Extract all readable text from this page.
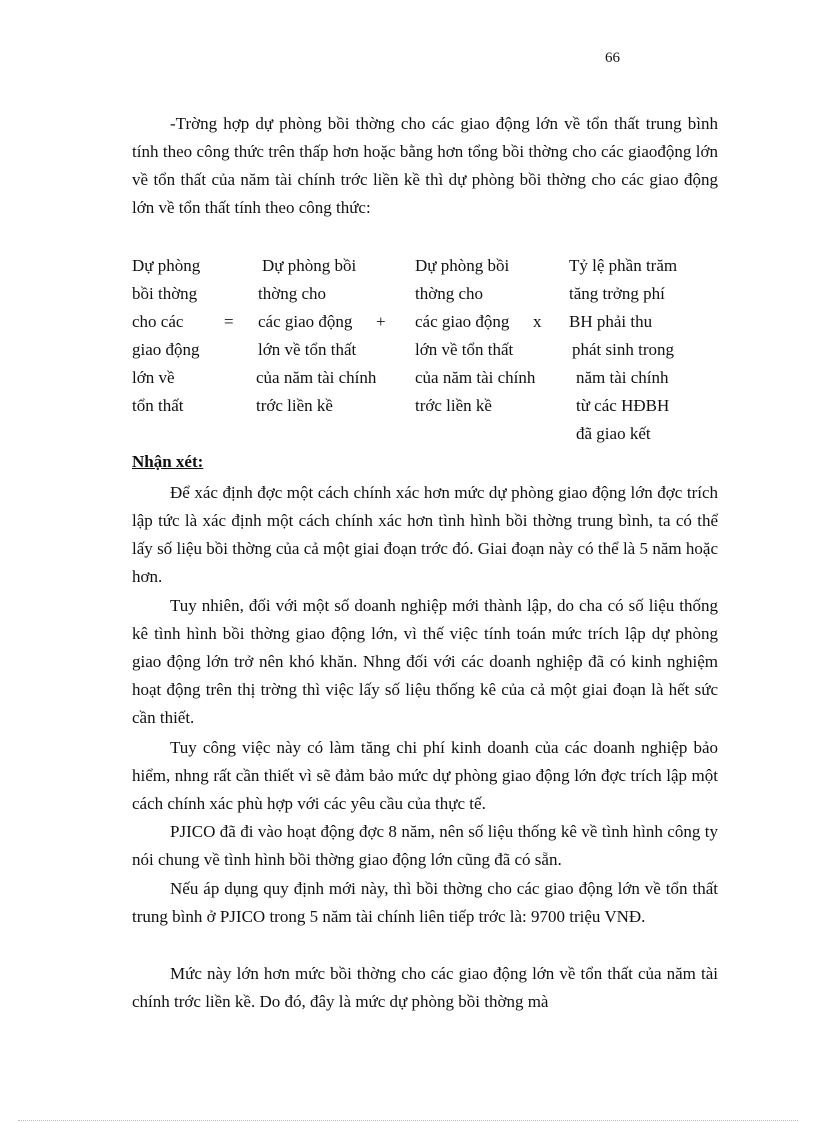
66

-Trờng hợp dự phòng bồi thờng cho các giao động lớn về tổn thất trung bình tính theo công thức trên thấp hơn hoặc bằng hơn tổng bồi thờng cho các giaođộng lớn về tổn thất của năm tài chính trớc liền kề thì dự phòng bồi thờng cho các giao động lớn về tổn thất tính theo công thức:

Dự phòng
bồi thờng
cho các
giao động
lớn về
tổn thất
=
Dự phòng bồi
thờng cho
các giao động
lớn về tổn thất
của năm tài chính
trớc liền kề
+
Dự phòng bồi
thờng cho
các giao động
lớn về tổn thất
của năm tài chính
trớc liền kề
x
Tỷ lệ phần trăm
tăng trởng phí
BH phải thu
phát sinh trong
năm tài chính
từ các HĐBH
đã giao kết
Nhận xét:

Để xác định đợc một cách chính xác hơn mức dự phòng giao động lớn đợc trích lập tức là xác định một cách chính xác hơn tình hình bồi thờng trung bình, ta có thể lấy số liệu bồi thờng của cả một giai đoạn trớc đó. Giai đoạn này có thể là 5 năm hoặc hơn.

Tuy nhiên, đối với một số doanh nghiệp mới thành lập, do cha có số liệu thống kê tình hình bồi thờng giao động lớn, vì thế việc tính toán mức trích lập dự phòng giao động lớn trở nên khó khăn. Nhng đối với các doanh nghiệp đã có kinh nghiệm hoạt động trên thị trờng thì việc lấy số liệu thống kê của cả một giai đoạn là hết sức cần thiết.

Tuy công việc này có làm tăng chi phí kinh doanh của các doanh nghiệp bảo hiểm, nhng rất cần thiết vì sẽ đảm bảo mức dự phòng giao động lớn đợc trích lập một cách chính xác phù hợp với các yêu cầu của thực tế.

PJICO đã đi vào hoạt động đợc 8 năm, nên số liệu thống kê về tình hình công ty nói chung về tình hình bồi thờng giao động lớn cũng đã có sẵn.

Nếu áp dụng quy định mới này, thì bồi thờng cho các giao động lớn về tổn thất trung bình ở PJICO trong 5 năm tài chính liên tiếp trớc là: 9700 triệu VNĐ.

Mức này lớn hơn mức bồi thờng cho các giao động lớn về tổn thất của năm tài chính trớc liền kề. Do đó, đây là mức dự phòng bồi thờng mà
